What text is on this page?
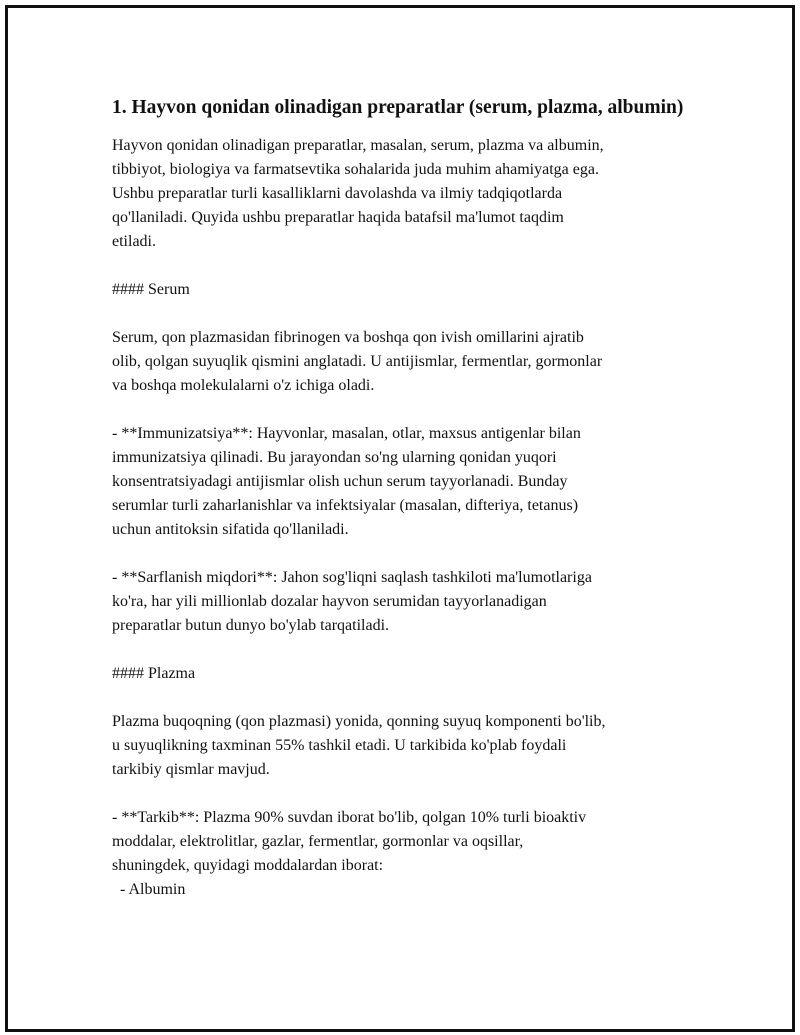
1. Hayvon qonidan olinadigan preparatlar (serum, plazma, albumin)

Hayvon qonidan olinadigan preparatlar, masalan, serum, plazma va albumin,
tibbiyot, biologiya va farmatsevtika sohalarida juda muhim ahamiyatga ega.
Ushbu preparatlar turli kasalliklarni davolashda va ilmiy tadqiqotlarda
qo'llaniladi. Quyida ushbu preparatlar haqida batafsil ma'lumot taqdim
etiladi.

#### Serum

Serum, qon plazmasidan fibrinogen va boshqa qon ivish omillarini ajratib
olib, qolgan suyuqlik qismini anglatadi. U antijismlar, fermentlar, gormonlar
va boshqa molekulalarni o'z ichiga oladi.

- **Immunizatsiya**: Hayvonlar, masalan, otlar, maxsus antigenlar bilan
immunizatsiya qilinadi. Bu jarayondan so'ng ularning qonidan yuqori
konsentratsiyadagi antijismlar olish uchun serum tayyorlanadi. Bunday
serumlar turli zaharlanishlar va infektsiyalar (masalan, difteriya, tetanus)
uchun antitoksin sifatida qo'llaniladi.

- **Sarflanish miqdori**: Jahon sog'liqni saqlash tashkiloti ma'lumotlariga
ko'ra, har yili millionlab dozalar hayvon serumidan tayyorlanadigan
preparatlar butun dunyo bo'ylab tarqatiladi.

#### Plazma

Plazma buqoqning (qon plazmasi) yonida, qonning suyuq komponenti bo'lib,
u suyuqlikning taxminan 55% tashkil etadi. U tarkibida ko'plab foydali
tarkibiy qismlar mavjud.

- **Tarkib**: Plazma 90% suvdan iborat bo'lib, qolgan 10% turli bioaktiv
moddalar, elektrolitlar, gazlar, fermentlar, gormonlar va oqsillar,
shuningdek, quyidagi moddalardan iborat:
- Albumin
